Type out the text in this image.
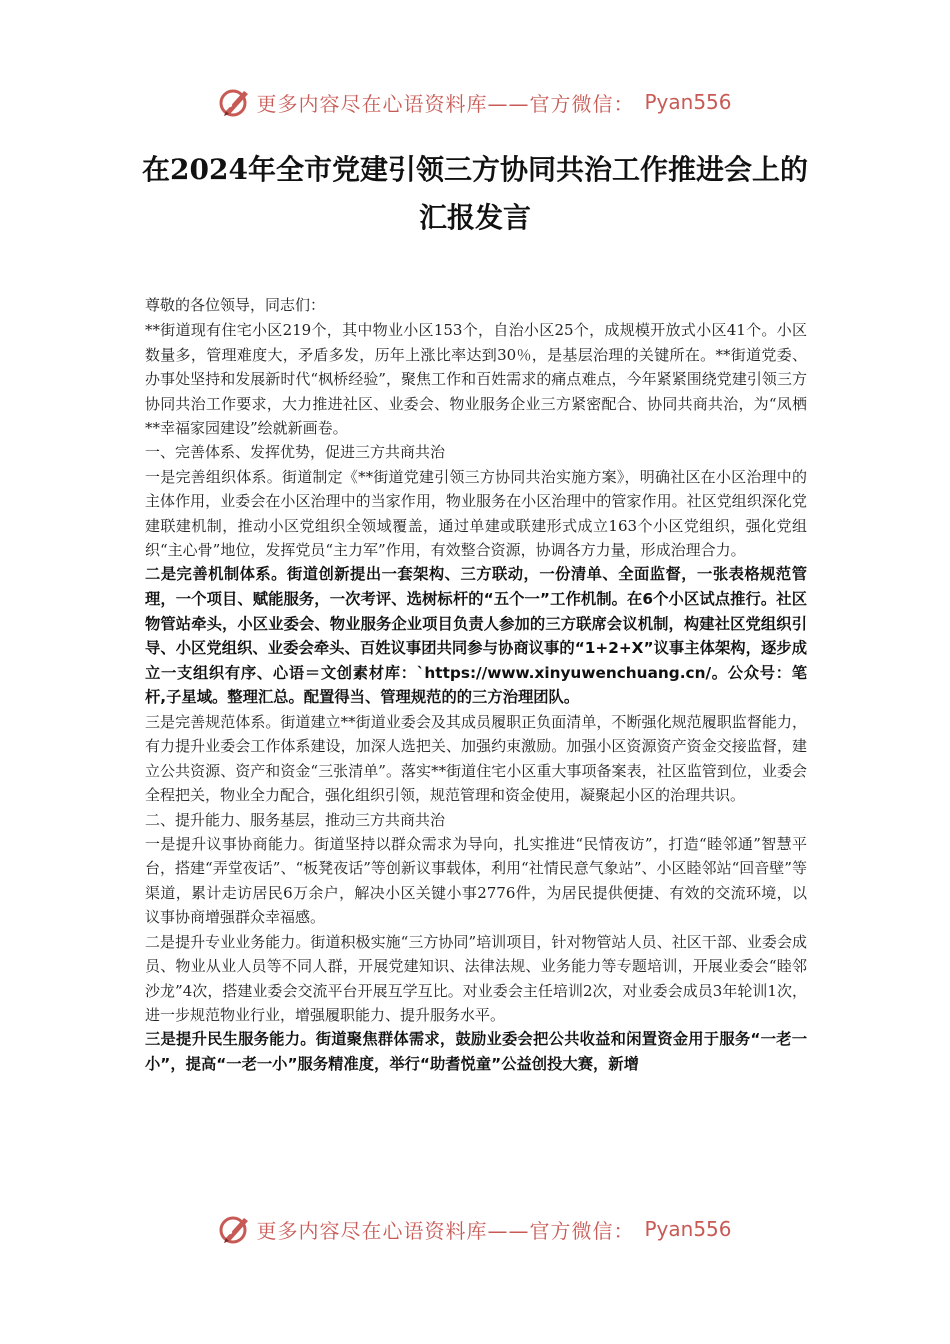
更多内容尽在心语资料库——官方微信： Pyan556
在2024年全市党建引领三方协同共治工作推进会上的汇报发言

尊敬的各位领导，同志们：

**街道现有住宅小区219个，其中物业小区153个，自治小区25个，成规模开放式小区41个。小区数量多，管理难度大，矛盾多发，历年上涨比率达到30％，是基层治理的关键所在。**街道党委、办事处坚持和发展新时代“枫桥经验”，聚焦工作和百姓需求的痛点难点，今年紧紧围绕党建引领三方协同共治工作要求，大力推进社区、业委会、物业服务企业三方紧密配合、协同共商共治，为“凤栖**幸福家园建设”绘就新画卷。

一、完善体系、发挥优势，促进三方共商共治

一是完善组织体系。街道制定《**街道党建引领三方协同共治实施方案》，明确社区在小区治理中的主体作用，业委会在小区治理中的当家作用，物业服务在小区治理中的管家作用。社区党组织深化党建联建机制，推动小区党组织全领域覆盖，通过单建或联建形式成立163个小区党组织，强化党组织“主心骨”地位，发挥党员“主力军”作用，有效整合资源，协调各方力量，形成治理合力。

二是完善机制体系。街道创新提出一套架构、三方联动，一份清单、全面监督，一张表格规范管理，一个项目、赋能服务，一次考评、选树标杆的“五个一”工作机制。在6个小区试点推行。社区物管站牵头，小区业委会、物业服务企业项目负责人参加的三方联席会议机制，构建社区党组织引导、小区党组织、业委会牵头、百姓议事团共同参与协商议事的“1+2+X”议事主体架构，逐步成立一支组织有序、心语＝文创素材库：`https://www.xinyuwenchuang.cn/。公众号：笔杆,子星域。整理汇总。配置得当、管理规范的的三方治理团队。

三是完善规范体系。街道建立**街道业委会及其成员履职正负面清单，不断强化规范履职监督能力，有力提升业委会工作体系建设，加深人选把关、加强约束激励。加强小区资源资产资金交接监督，建立公共资源、资产和资金“三张清单”。落实**街道住宅小区重大事项备案表，社区监管到位，业委会全程把关，物业全力配合，强化组织引领，规范管理和资金使用，凝聚起小区的治理共识。

二、提升能力、服务基层，推动三方共商共治

一是提升议事协商能力。街道坚持以群众需求为导向，扎实推进“民情夜访”，打造“睦邻通”智慧平台，搭建“弄堂夜话”、“板凳夜话”等创新议事载体，利用“社情民意气象站”、小区睦邻站“回音壁”等渠道，累计走访居民6万余户，解决小区关键小事2776件，为居民提供便捷、有效的交流环境，以议事协商增强群众幸福感。

二是提升专业业务能力。街道积极实施“三方协同”培训项目，针对物管站人员、社区干部、业委会成员、物业从业人员等不同人群，开展党建知识、法律法规、业务能力等专题培训，开展业委会“睦邻沙龙”4次，搭建业委会交流平台开展互学互比。对业委会主任培训2次，对业委会成员3年轮训1次，进一步规范物业行业，增强履职能力、提升服务水平。

三是提升民生服务能力。街道聚焦群体需求，鼓励业委会把公共收益和闲置资金用于服务“一老一小”，提高“一老一小”服务精准度，举行“助耆悦童”公益创投大赛，新增

更多内容尽在心语资料库——官方微信： Pyan556
